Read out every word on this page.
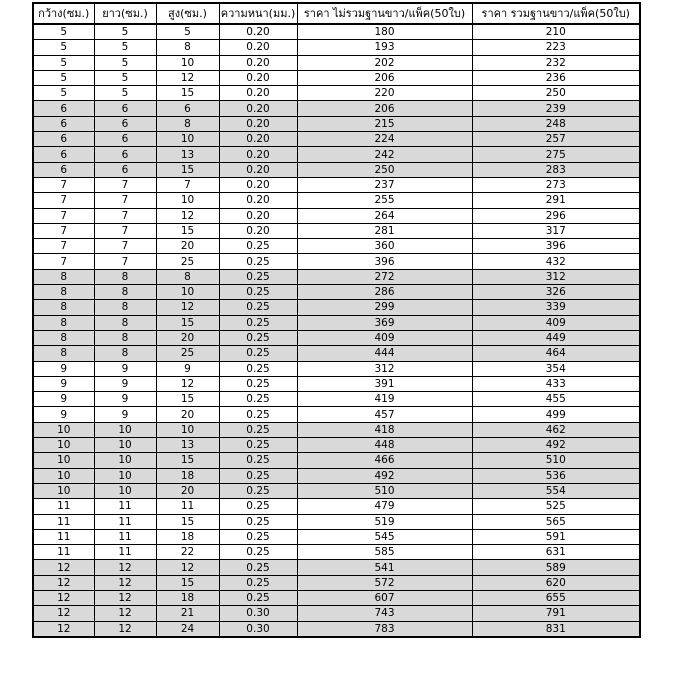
กว้าง(ซม.)	ยาว(ซม.)	สูง(ซม.)	ความหนา(มม.)	ราคา ไม่รวมฐานขาว/แพ็ค(50ใบ)	ราคา รวมฐานขาว/แพ็ค(50ใบ)
5	5	5	0.20	180	210
5	5	8	0.20	193	223
5	5	10	0.20	202	232
5	5	12	0.20	206	236
5	5	15	0.20	220	250
6	6	6	0.20	206	239
6	6	8	0.20	215	248
6	6	10	0.20	224	257
6	6	13	0.20	242	275
6	6	15	0.20	250	283
7	7	7	0.20	237	273
7	7	10	0.20	255	291
7	7	12	0.20	264	296
7	7	15	0.20	281	317
7	7	20	0.25	360	396
7	7	25	0.25	396	432
8	8	8	0.25	272	312
8	8	10	0.25	286	326
8	8	12	0.25	299	339
8	8	15	0.25	369	409
8	8	20	0.25	409	449
8	8	25	0.25	444	464
9	9	9	0.25	312	354
9	9	12	0.25	391	433
9	9	15	0.25	419	455
9	9	20	0.25	457	499
10	10	10	0.25	418	462
10	10	13	0.25	448	492
10	10	15	0.25	466	510
10	10	18	0.25	492	536
10	10	20	0.25	510	554
11	11	11	0.25	479	525
11	11	15	0.25	519	565
11	11	18	0.25	545	591
11	11	22	0.25	585	631
12	12	12	0.25	541	589
12	12	15	0.25	572	620
12	12	18	0.25	607	655
12	12	21	0.30	743	791
12	12	24	0.30	783	831
